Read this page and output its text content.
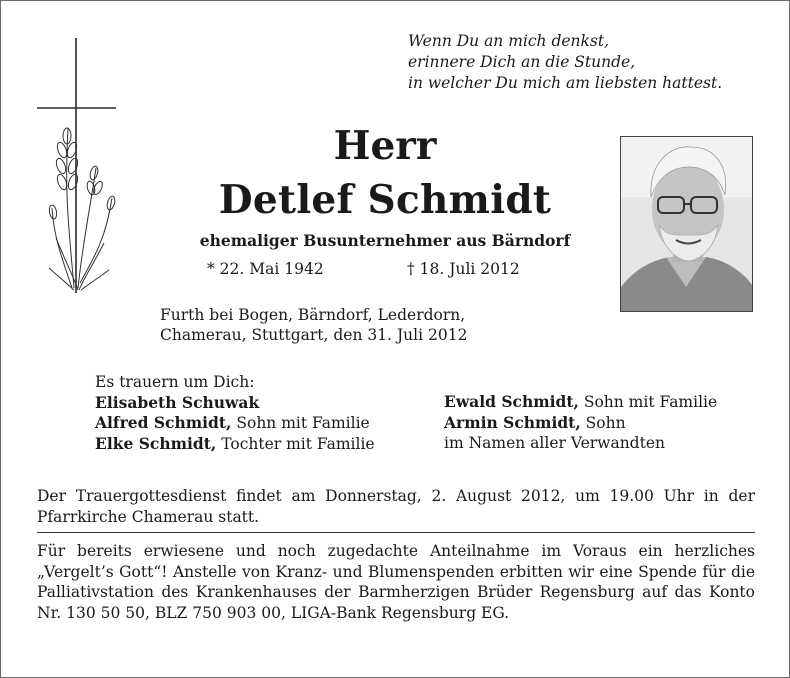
Wenn Du an mich denkst,
erinnere Dich an die Stunde,
in welcher Du mich am liebsten hattest.
Herr
Detlef Schmidt
ehemaliger Busunternehmer aus Bärndorf
* 22. Mai 1942	† 18. Juli 2012
Furth bei Bogen, Bärndorf, Lederdorn,
Chamerau, Stuttgart, den 31. Juli 2012
Es trauern um Dich:
Elisabeth Schuwak
Alfred Schmidt, Sohn mit Familie
Elke Schmidt, Tochter mit Familie
Ewald Schmidt, Sohn mit Familie
Armin Schmidt, Sohn
im Namen aller Verwandten
Der Trauergottesdienst findet am Donnerstag, 2. August 2012, um 19.00 Uhr in der Pfarrkirche Chamerau statt.
Für bereits erwiesene und noch zugedachte Anteilnahme im Voraus ein herzliches „Vergelt’s Gott“! Anstelle von Kranz- und Blumenspenden erbitten wir eine Spende für die Palliativstation des Krankenhauses der Barmherzigen Brüder Regensburg auf das Konto Nr. 130 50 50, BLZ 750 903 00, LIGA-Bank Regensburg EG.
